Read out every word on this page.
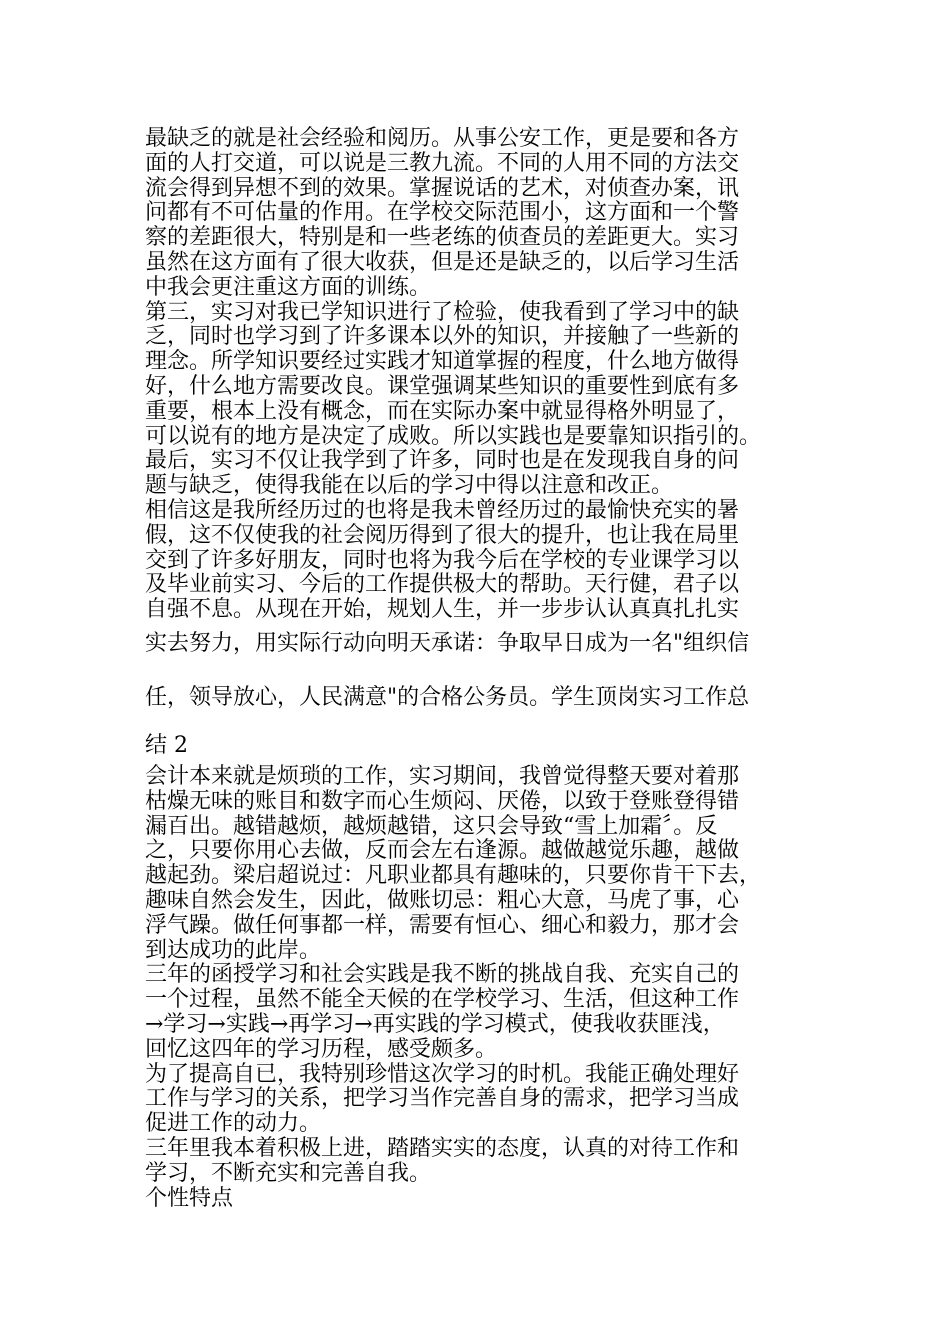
最缺乏的就是社会经验和阅历。从事公安工作，更是要和各方
面的人打交道，可以说是三教九流。不同的人用不同的方法交
流会得到异想不到的效果。掌握说话的艺术，对侦查办案，讯
问都有不可估量的作用。在学校交际范围小，这方面和一个警
察的差距很大，特别是和一些老练的侦查员的差距更大。实习
虽然在这方面有了很大收获，但是还是缺乏的，以后学习生活
中我会更注重这方面的训练。
第三，实习对我已学知识进行了检验，使我看到了学习中的缺
乏，同时也学习到了许多课本以外的知识，并接触了一些新的
理念。所学知识要经过实践才知道掌握的程度，什么地方做得
好，什么地方需要改良。课堂强调某些知识的重要性到底有多
重要，根本上没有概念，而在实际办案中就显得格外明显了，
可以说有的地方是决定了成败。所以实践也是要靠知识指引的。
最后，实习不仅让我学到了许多，同时也是在发现我自身的问
题与缺乏，使得我能在以后的学习中得以注意和改正。
相信这是我所经历过的也将是我未曾经历过的最愉快充实的暑
假，这不仅使我的社会阅历得到了很大的提升，也让我在局里
交到了许多好朋友，同时也将为我今后在学校的专业课学习以
及毕业前实习、今后的工作提供极大的帮助。天行健，君子以
自强不息。从现在开始，规划人生，并一步步认认真真扎扎实
实去努力，用实际行动向明天承诺：争取早日成为一名"组织信
任，领导放心，人民满意"的合格公务员。学生顶岗实习工作总
结 2
会计本来就是烦琐的工作，实习期间，我曾觉得整天要对着那
枯燥无味的账目和数字而心生烦闷、厌倦，以致于登账登得错
漏百出。越错越烦，越烦越错，这只会导致“雪上加霜〞。反
之，只要你用心去做，反而会左右逢源。越做越觉乐趣，越做
越起劲。梁启超说过：凡职业都具有趣味的，只要你肯干下去，
趣味自然会发生，因此，做账切忌：粗心大意，马虎了事，心
浮气躁。做任何事都一样，需要有恒心、细心和毅力，那才会
到达成功的此岸。
三年的函授学习和社会实践是我不断的挑战自我、充实自己的
一个过程，虽然不能全天候的在学校学习、生活，但这种工作
→学习→实践→再学习→再实践的学习模式，使我收获匪浅，
回忆这四年的学习历程，感受颇多。
为了提高自已，我特别珍惜这次学习的时机。我能正确处理好
工作与学习的关系，把学习当作完善自身的需求，把学习当成
促进工作的动力。
三年里我本着积极上进，踏踏实实的态度，认真的对待工作和
学习，不断充实和完善自我。
个性特点
